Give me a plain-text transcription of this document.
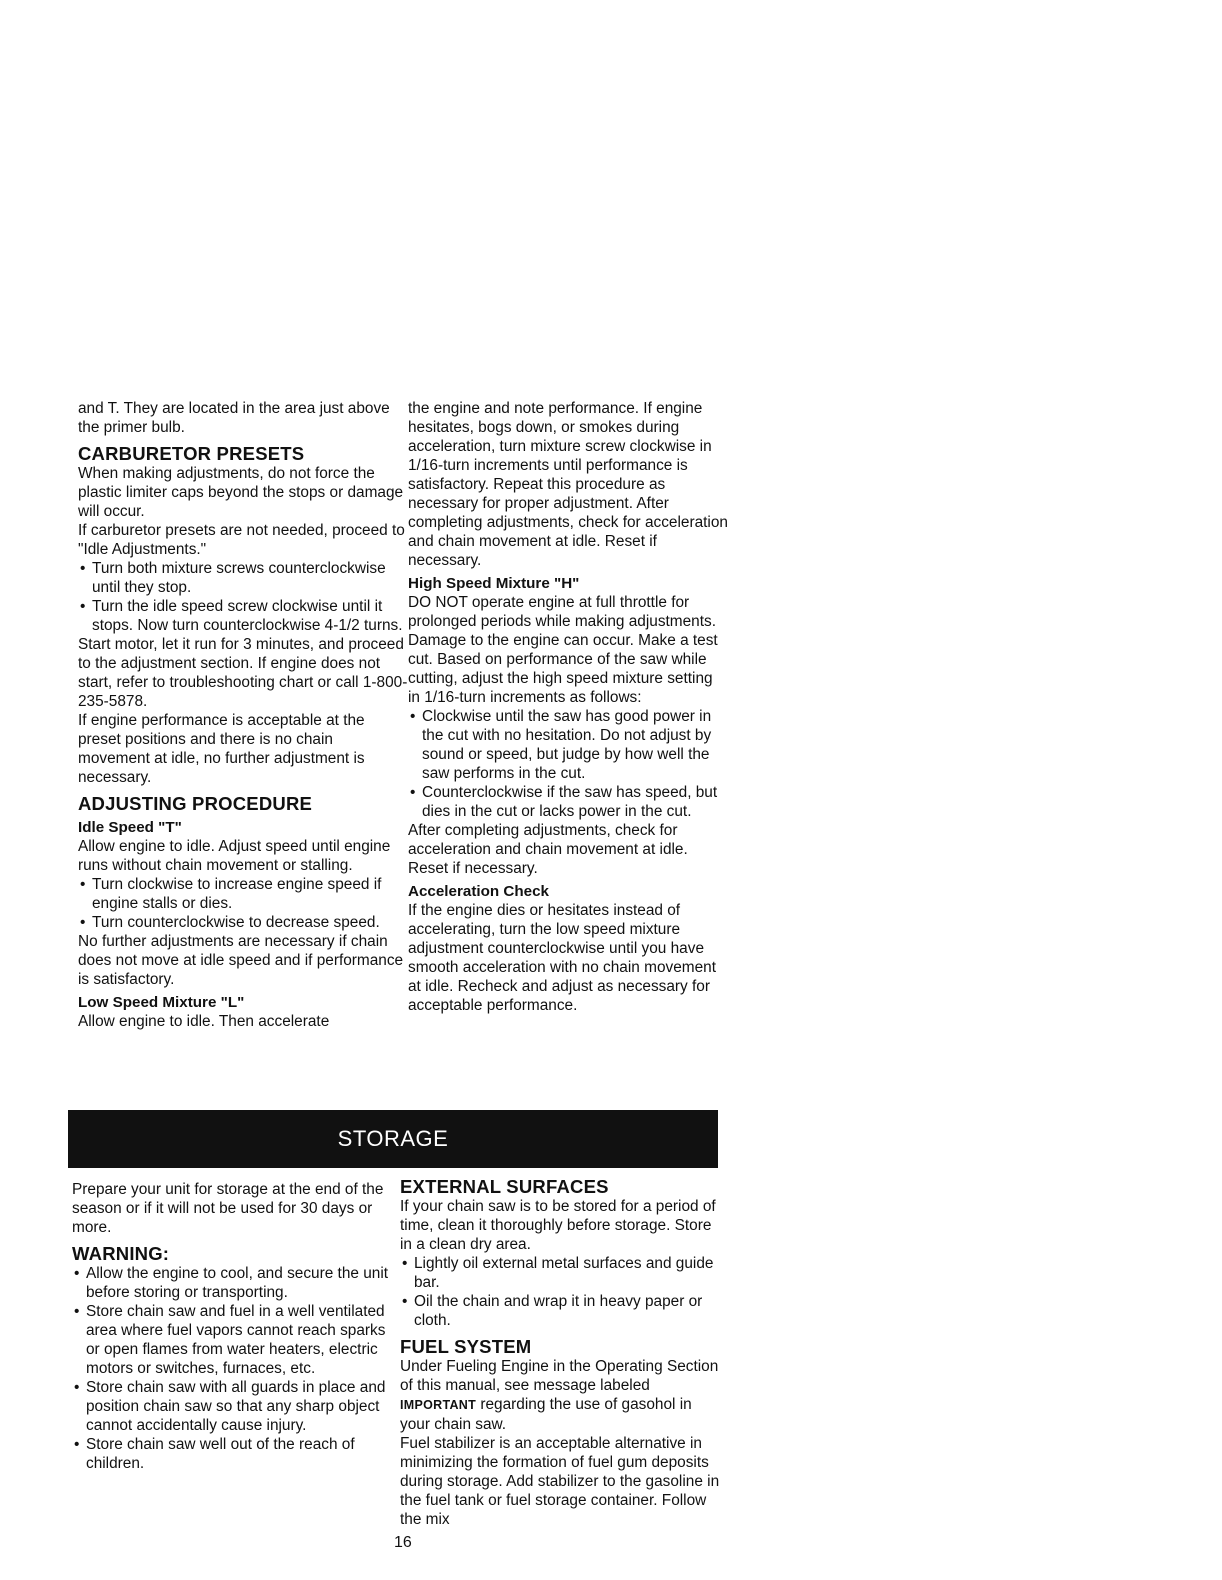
and T. They are located in the area just above the primer bulb.

CARBURETOR PRESETS

When making adjustments, do not force the plastic limiter caps beyond the stops or damage will occur.

If carburetor presets are not needed, proceed to "Idle Adjustments."

• Turn both mixture screws counterclockwise until they stop.
• Turn the idle speed screw clockwise until it stops. Now turn counterclockwise 4-1/2 turns.

Start motor, let it run for 3 minutes, and proceed to the adjustment section. If engine does not start, refer to troubleshooting chart or call 1-800-235-5878.

If engine performance is acceptable at the preset positions and there is no chain movement at idle, no further adjustment is necessary.

ADJUSTING PROCEDURE
Idle Speed "T"

Allow engine to idle. Adjust speed until engine runs without chain movement or stalling.

• Turn clockwise to increase engine speed if engine stalls or dies.
• Turn counterclockwise to decrease speed.

No further adjustments are necessary if chain does not move at idle speed and if performance is satisfactory.

Low Speed Mixture "L"

Allow engine to idle. Then accelerate

the engine and note performance. If engine hesitates, bogs down, or smokes during acceleration, turn mixture screw clockwise in 1/16-turn increments until performance is satisfactory. Repeat this procedure as necessary for proper adjustment. After completing adjustments, check for acceleration and chain movement at idle. Reset if necessary.

High Speed Mixture "H"

DO NOT operate engine at full throttle for prolonged periods while making adjustments. Damage to the engine can occur. Make a test cut. Based on performance of the saw while cutting, adjust the high speed mixture setting in 1/16-turn increments as follows:

• Clockwise until the saw has good power in the cut with no hesitation. Do not adjust by sound or speed, but judge by how well the saw performs in the cut.
• Counterclockwise if the saw has speed, but dies in the cut or lacks power in the cut.

After completing adjustments, check for acceleration and chain movement at idle. Reset if necessary.

Acceleration Check

If the engine dies or hesitates instead of accelerating, turn the low speed mixture adjustment counterclockwise until you have smooth acceleration with no chain movement at idle. Recheck and adjust as necessary for acceptable performance.

STORAGE

Prepare your unit for storage at the end of the season or if it will not be used for 30 days or more.

WARNING:
• Allow the engine to cool, and secure the unit before storing or transporting.
• Store chain saw and fuel in a well ventilated area where fuel vapors cannot reach sparks or open flames from water heaters, electric motors or switches, furnaces, etc.
• Store chain saw with all guards in place and position chain saw so that any sharp object cannot accidentally cause injury.
• Store chain saw well out of the reach of children.
EXTERNAL SURFACES

If your chain saw is to be stored for a period of time, clean it thoroughly before storage. Store in a clean dry area.

• Lightly oil external metal surfaces and guide bar.
• Oil the chain and wrap it in heavy paper or cloth.
FUEL SYSTEM

Under Fueling Engine in the Operating Section of this manual, see message labeled IMPORTANT regarding the use of gasohol in your chain saw.

Fuel stabilizer is an acceptable alternative in minimizing the formation of fuel gum deposits during storage. Add stabilizer to the gasoline in the fuel tank or fuel storage container. Follow the mix

16
